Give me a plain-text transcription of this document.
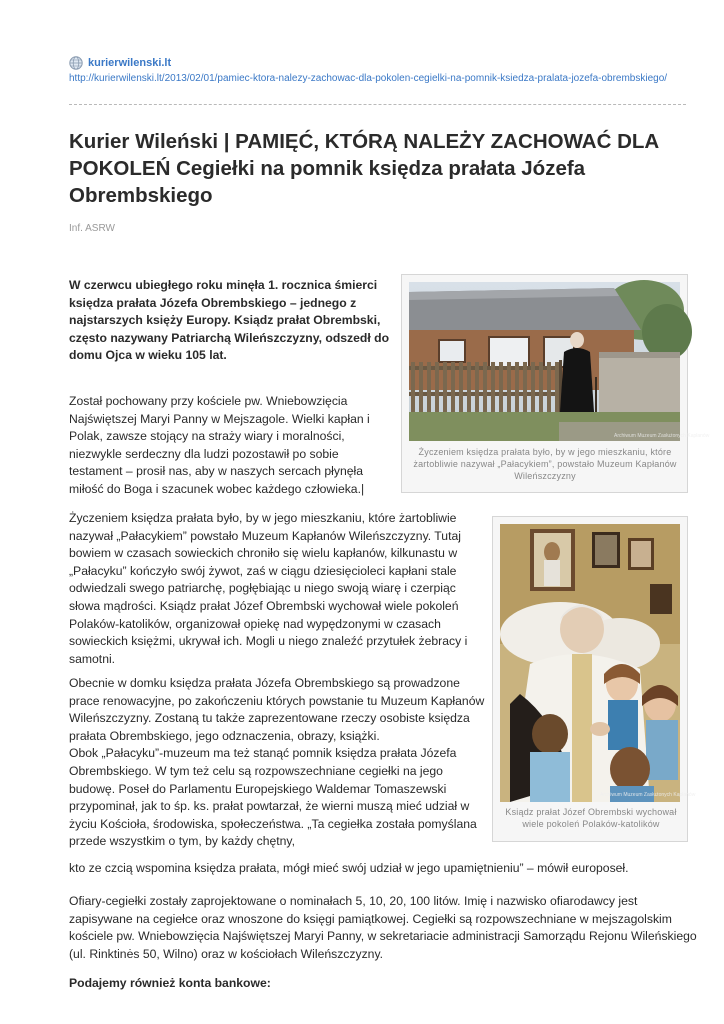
kurierwilenski.lt
http://kurierwilenski.lt/2013/02/01/pamiec-ktora-nalezy-zachowac-dla-pokolen-cegielki-na-pomnik-ksiedza-pralata-jozefa-obrembskiego/
Kurier Wileński | PAMIĘĆ, KTÓRĄ NALEŻY ZACHOWAĆ DLA POKOLEŃ Cegiełki na pomnik księdza prałata Józefa Obrembskiego
Inf. ASRW

W czerwcu ubiegłego roku minęła 1. rocznica śmierci księdza prałata Józefa Obrembskiego – jednego z najstarszych księży Europy. Ksiądz prałat Obrembski, często nazywany Patriarchą Wileńszczyzny, odszedł do domu Ojca w wieku 105 lat.

Został pochowany przy kościele pw. Wniebowzięcia Najświętszej Maryi Panny w Mejszagole. Wielki kapłan i Polak, zawsze stojący na straży wiary i moralności, niezwykle serdeczny dla ludzi pozostawił po sobie testament – prosił nas, aby w naszych sercach płynęła miłość do Boga i szacunek wobec każdego człowieka.|

Życzeniem księdza prałata było, by w jego mieszkaniu, które żartobliwie nazywał „Pałacykiem” powstało Muzeum Kapłanów Wileńszczyzny. Tutaj bowiem w czasach sowieckich chroniło się wielu kapłanów, kilkunastu w „Pałacyku” kończyło swój żywot, zaś w ciągu dziesięcioleci kapłani stale odwiedzali swego patriarchę, pogłębiając u niego swoją wiarę i czerpiąc słowa mądrości. Ksiądz prałat Józef Obrembski wychował wiele pokoleń Polaków-katolików, organizował opiekę nad wypędzonymi w czasach sowieckich księżmi, ukrywał ich. Mogli u niego znaleźć przytułek żebracy i samotni.

Obecnie w domku księdza prałata Józefa Obrembskiego są prowadzone prace renowacyjne, po zakończeniu których powstanie tu Muzeum Kapłanów Wileńszczyzny. Zostaną tu także zaprezentowane rzeczy osobiste księdza prałata Obrembskiego, jego odznaczenia, obrazy, książki.
Obok „Pałacyku”-muzeum ma też stanąć pomnik księdza prałata Józefa Obrembskiego. W tym też celu są rozpowszechniane cegiełki na jego budowę. Poseł do Parlamentu Europejskiego Waldemar Tomaszewski przypominał, jak to śp. ks. prałat powtarzał, że wierni muszą mieć udział w życiu Kościoła, środowiska, społeczeństwa. „Ta cegiełka została pomyślana przede wszystkim o tym, by każdy chętny,

kto ze czcią wspomina księdza prałata, mógł mieć swój udział w jego upamiętnieniu” – mówił europoseł.

Ofiary-cegiełki zostały zaprojektowane o nominałach 5, 10, 20, 100 litów. Imię i nazwisko ofiarodawcy jest zapisywane na cegiełce oraz wnoszone do księgi pamiątkowej. Cegiełki są rozpowszechniane w mejszagolskim kościele pw. Wniebowzięcia Najświętszej Maryi Panny, w sekretariacie administracji Samorządu Rejonu Wileńskiego (ul. Rinktinės 50, Wilno) oraz w kościołach Wileńszczyzny.

Podajemy również konta bankowe:

Archiwum Muzeum Zasłużonych Kapłanów
Życzeniem księdza prałata było, by w jego mieszkaniu, które żartobliwie nazywał „Pałacykiem”, powstało Muzeum Kapłanów Wileńszczyzny
Archiwum Muzeum Zasłużonych Kapłanów
Ksiądz prałat Józef Obrembski wychował wiele pokoleń Polaków-katolików
